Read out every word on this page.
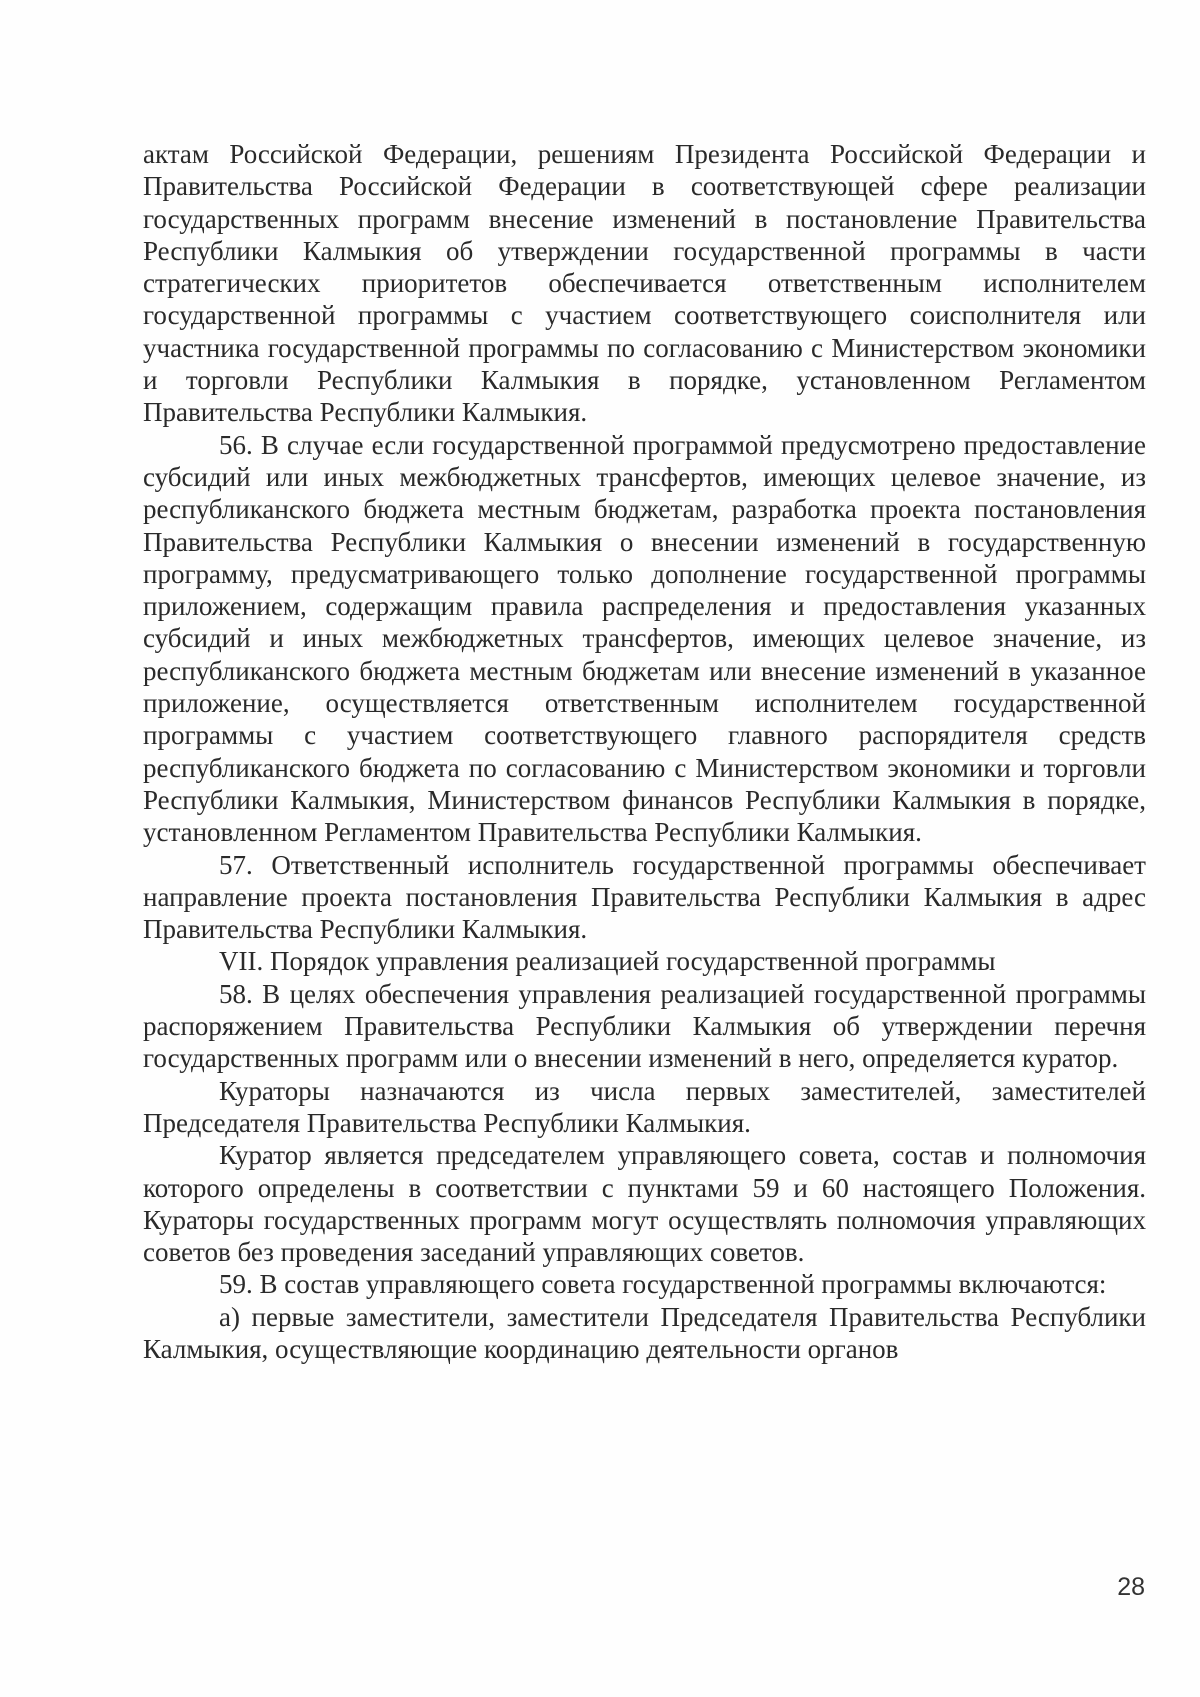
актам Российской Федерации, решениям Президента Российской Федерации и Правительства Российской Федерации в соответствующей сфере реализации государственных программ внесение изменений в постановление Правительства Республики Калмыкия об утверждении государственной программы в части стратегических приоритетов обеспечивается ответственным исполнителем государственной программы с участием соответствующего соисполнителя или участника государственной программы по согласованию с Министерством экономики и торговли Республики Калмыкия в порядке, установленном Регламентом Правительства Республики Калмыкия.

56. В случае если государственной программой предусмотрено предоставление субсидий или иных межбюджетных трансфертов, имеющих целевое значение, из республиканского бюджета местным бюджетам, разработка проекта постановления Правительства Республики Калмыкия о внесении изменений в государственную программу, предусматривающего только дополнение государственной программы приложением, содержащим правила распределения и предоставления указанных субсидий и иных межбюджетных трансфертов, имеющих целевое значение, из республиканского бюджета местным бюджетам или внесение изменений в указанное приложение, осуществляется ответственным исполнителем государственной программы с участием соответствующего главного распорядителя средств республиканского бюджета по согласованию с Министерством экономики и торговли Республики Калмыкия, Министерством финансов Республики Калмыкия в порядке, установленном Регламентом Правительства Республики Калмыкия.

57. Ответственный исполнитель государственной программы обеспечивает направление проекта постановления Правительства Республики Калмыкия в адрес Правительства Республики Калмыкия.

VII. Порядок управления реализацией государственной программы

58. В целях обеспечения управления реализацией государственной программы распоряжением Правительства Республики Калмыкия об утверждении перечня государственных программ или о внесении изменений в него, определяется куратор.

Кураторы назначаются из числа первых заместителей, заместителей Председателя Правительства Республики Калмыкия.

Куратор является председателем управляющего совета, состав и полномочия которого определены в соответствии с пунктами 59 и 60 настоящего Положения. Кураторы государственных программ могут осуществлять полномочия управляющих советов без проведения заседаний управляющих советов.

59. В состав управляющего совета государственной программы включаются:

а) первые заместители, заместители Председателя Правительства Республики Калмыкия, осуществляющие координацию деятельности органов

28
